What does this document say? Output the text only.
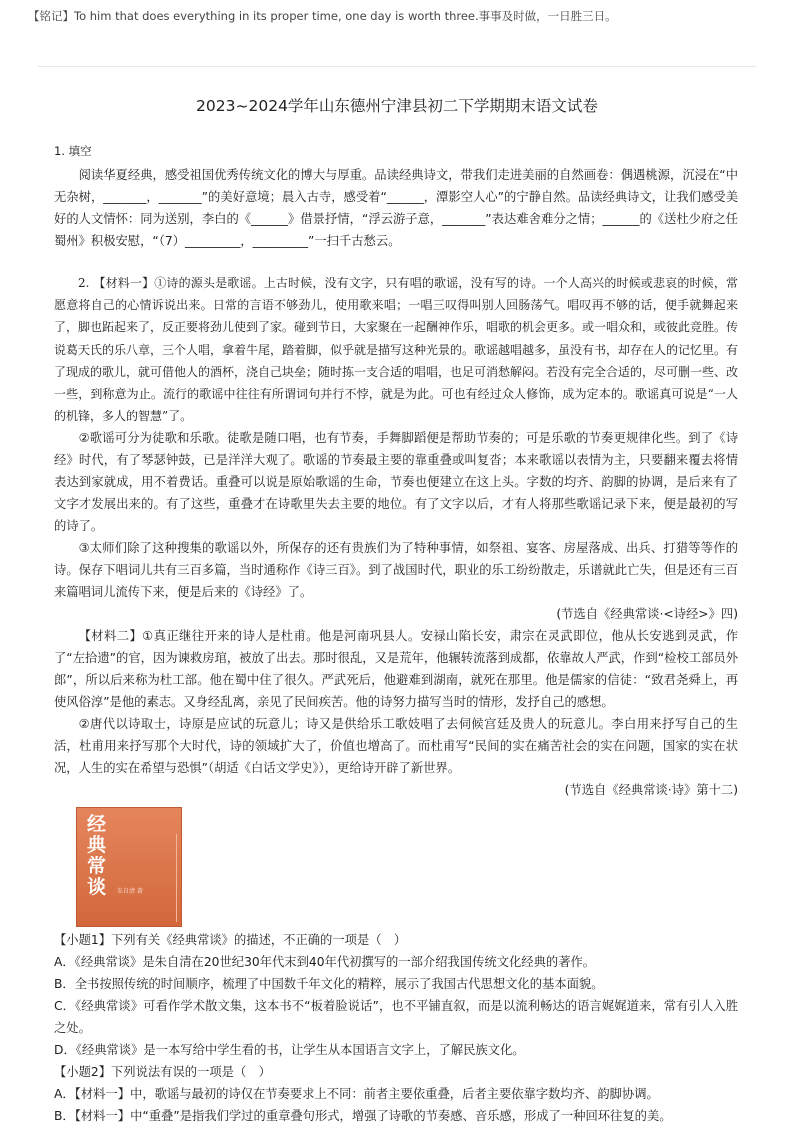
【铭记】To him that does everything in its proper time, one day is worth three.事事及时做，一日胜三日。
2023~2024学年山东德州宁津县初二下学期期末语文试卷

1. 填空

阅读华夏经典，感受祖国优秀传统文化的博大与厚重。品读经典诗文，带我们走进美丽的自然画卷：偶遇桃源，沉浸在“中无杂树，_______，_______”的美好意境；晨入古寺，感受着“______，潭影空人心”的宁静自然。品读经典诗文，让我们感受美好的人文情怀：同为送别，李白的《______》借景抒情，“浮云游子意，_______”表达难舍难分之情；______的《送杜少府之任蜀州》积极安慰，“（7）_________，_________”一扫千古愁云。

2. 【材料一】①诗的源头是歌谣。上古时候，没有文字，只有唱的歌谣，没有写的诗。一个人高兴的时候或悲哀的时候，常愿意将自己的心情诉说出来。日常的言语不够劲儿，使用歌来唱；一唱三叹得叫别人回肠荡气。唱叹再不够的话，便手就舞起来了，脚也跖起来了，反正要将劲儿使到了家。碰到节日，大家聚在一起酬神作乐，唱歌的机会更多。或一唱众和，或彼此竞胜。传说葛天氏的乐八章，三个人唱，拿着牛尾，踏着脚，似乎就是描写这种光景的。歌谣越唱越多，虽没有书，却存在人的记忆里。有了现成的歌儿，就可借他人的酒杯，浇自己块垒；随时拣一支合适的唱唱，也足可消愁解闷。若没有完全合适的，尽可删一些、改一些，到称意为止。流行的歌谣中往往有所谓词句并行不悖，就是为此。可也有经过众人修饰，成为定本的。歌谣真可说是“一人的机锋，多人的智慧”了。

②歌谣可分为徒歌和乐歌。徒歌是随口唱，也有节奏，手舞脚蹈便是帮助节奏的；可是乐歌的节奏更规律化些。到了《诗经》时代，有了琴瑟钟鼓，已是洋洋大观了。歌谣的节奏最主要的靠重叠或叫复沓；本来歌谣以表情为主，只要翻来覆去将情表达到家就成，用不着费话。重叠可以说是原始歌谣的生命，节奏也便建立在这上头。字数的均齐、韵脚的协调，是后来有了文字才发展出来的。有了这些，重叠才在诗歌里失去主要的地位。有了文字以后，才有人将那些歌谣记录下来，便是最初的写的诗了。

③太师们除了这种搜集的歌谣以外，所保存的还有贵族们为了特种事情，如祭祖、宴客、房屋落成、出兵、打猎等等作的诗。保存下唱词儿共有三百多篇，当时通称作《诗三百》。到了战国时代，职业的乐工纷纷散走，乐谱就此亡失，但是还有三百来篇唱词儿流传下来，便是后来的《诗经》了。

(节选自《经典常谈·<诗经>》四)

【材料二】①真正继往开来的诗人是杜甫。他是河南巩县人。安禄山陷长安，肃宗在灵武即位，他从长安逃到灵武，作了“左拾遗”的官，因为谏救房琯，被放了出去。那时很乱，又是荒年，他辗转流落到成都，依靠故人严武，作到“检校工部员外郎”，所以后来称为杜工部。他在蜀中住了很久。严武死后，他避难到湖南，就死在那里。他是儒家的信徒：“致君尧舜上，再使风俗淳”是他的素志。又身经乱离，亲见了民间疾苦。他的诗努力描写当时的情形，发抒自己的感想。

②唐代以诗取士，诗原是应试的玩意儿；诗又是供给乐工歌妓唱了去伺候宫廷及贵人的玩意儿。李白用来抒写自己的生活，杜甫用来抒写那个大时代，诗的领域扩大了，价值也增高了。而杜甫写“民间的实在痛苦社会的实在问题，国家的实在状况，人生的实在希望与恐惧”（胡适《白话文学史》），更给诗开辟了新世界。

(节选自《经典常谈·诗》第十二)

经典常谈	朱自清 著

【小题1】下列有关《经典常谈》的描述，不正确的一项是（　）

A．《经典常谈》是朱自清在20世纪30年代末到40年代初撰写的一部介绍我国传统文化经典的著作。

B．全书按照传统的时间顺序，梳理了中国数千年文化的精粹，展示了我国古代思想文化的基本面貌。

C．《经典常谈》可看作学术散文集，这本书不“板着脸说话”，也不平铺直叙，而是以流利畅达的语言娓娓道来，常有引人入胜之处。

D．《经典常谈》是一本写给中学生看的书，让学生从本国语言文字上，了解民族文化。

【小题2】下列说法有误的一项是（　）

A．【材料一】中，歌谣与最初的诗仅在节奏要求上不同：前者主要依重叠，后者主要依靠字数均齐、韵脚协调。

B．【材料一】中“重叠”是指我们学过的重章叠句形式，增强了诗歌的节奏感、音乐感，形成了一种回环往复的美。
